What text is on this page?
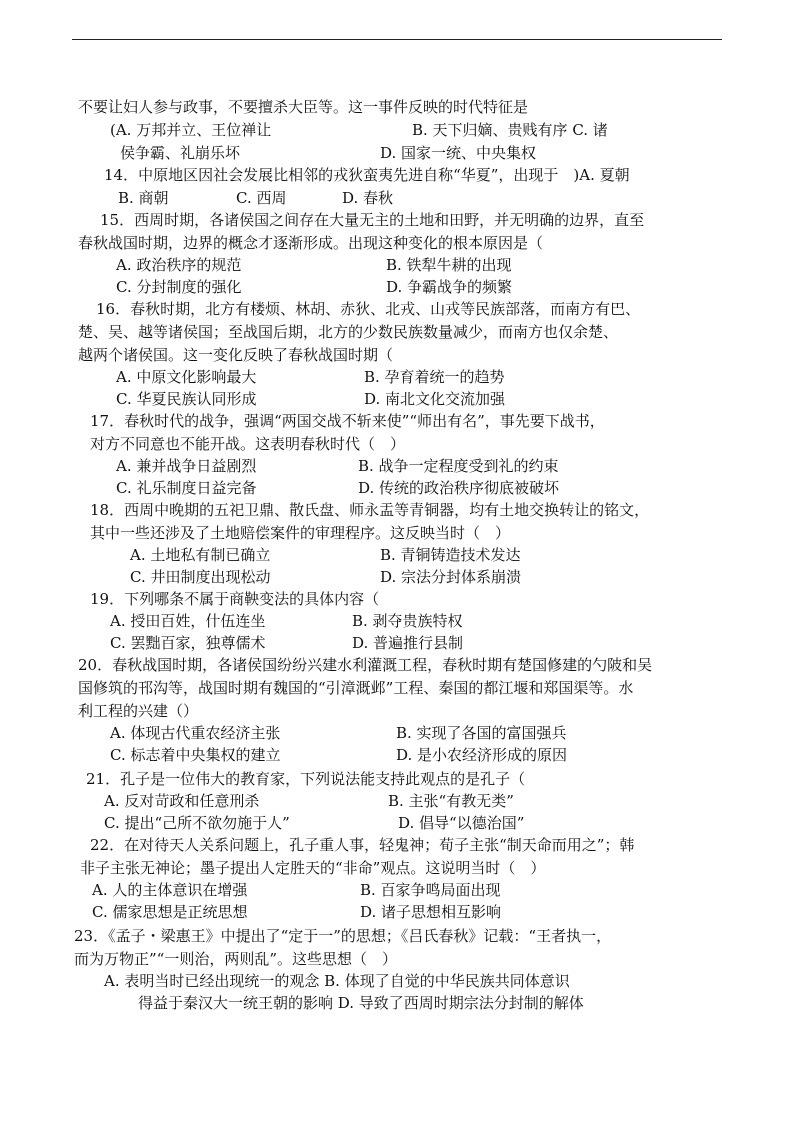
不要让妇人参与政事，不要擅杀大臣等。这一事件反映的时代特征是
(A. 万邦并立、王位禅让	B. 天下归嫡、贵贱有序 C. 诸
侯争霸、礼崩乐坏	D. 国家一统、中央集权
14．中原地区因社会发展比相邻的戎狄蛮夷先进自称“华夏”，出现于　)A. 夏朝
B. 商朝	C. 西周	D. 春秋
15．西周时期，各诸侯国之间存在大量无主的土地和田野，并无明确的边界，直至
春秋战国时期，边界的概念才逐渐形成。出现这种变化的根本原因是（
A. 政治秩序的规范	B. 铁犁牛耕的出现
C. 分封制度的强化	D. 争霸战争的频繁
16．春秋时期，北方有楼烦、林胡、赤狄、北戎、山戎等民族部落，而南方有巴、
楚、吴、越等诸侯国；至战国后期，北方的少数民族数量减少，而南方也仅余楚、
越两个诸侯国。这一变化反映了春秋战国时期（
A. 中原文化影响最大	B. 孕育着统一的趋势
C. 华夏民族认同形成	D. 南北文化交流加强
17．春秋时代的战争，强调“两国交战不斩来使”“师出有名”，事先要下战书，
对方不同意也不能开战。这表明春秋时代（　）
A. 兼并战争日益剧烈	B. 战争一定程度受到礼的约束
C. 礼乐制度日益完备	D. 传统的政治秩序彻底被破坏
18．西周中晚期的五祀卫鼎、散氏盘、师永盂等青铜器，均有土地交换转让的铭文，
其中一些还涉及了土地赔偿案件的审理程序。这反映当时（　）
A. 土地私有制已确立	B. 青铜铸造技术发达
C. 井田制度出现松动	D. 宗法分封体系崩溃
19．下列哪条不属于商鞅变法的具体内容（
A. 授田百姓，什伍连坐	B. 剥夺贵族特权
C. 罢黜百家，独尊儒术	D. 普遍推行县制
20．春秋战国时期，各诸侯国纷纷兴建水利灌溉工程，春秋时期有楚国修建的勺陂和吴
国修筑的邗沟等，战国时期有魏国的“引漳溉邺”工程、秦国的都江堰和郑国渠等。水
利工程的兴建（）
A. 体现古代重农经济主张	B. 实现了各国的富国强兵
C. 标志着中央集权的建立	D. 是小农经济形成的原因
21．孔子是一位伟大的教育家，下列说法能支持此观点的是孔子（
A. 反对苛政和任意刑杀	B. 主张“有教无类”
C. 提出“己所不欲勿施于人”	D. 倡导“以德治国”
22．在对待天人关系问题上，孔子重人事，轻鬼神；荀子主张“制天命而用之”；韩
非子主张无神论；墨子提出人定胜天的“非命”观点。这说明当时（　）
A. 人的主体意识在增强	B. 百家争鸣局面出现
C. 儒家思想是正统思想	D. 诸子思想相互影响
23．《孟子・梁惠王》中提出了“定于一”的思想；《吕氏春秋》记载：“王者执一，
而为万物正”“一则治，两则乱”。这些思想（　）
A. 表明当时已经出现统一的观念 B. 体现了自觉的中华民族共同体意识
得益于秦汉大一统王朝的影响 D. 导致了西周时期宗法分封制的解体
